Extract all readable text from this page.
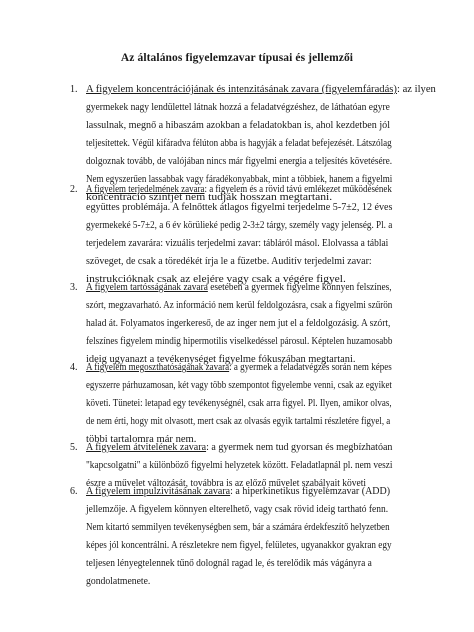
Az általános figyelemzavar típusai és jellemzői
1. A figyelem koncentrációjának és intenzitásának zavara (figyelemfáradás): az ilyen
gyermekek nagy lendülettel látnak hozzá a feladatvégzéshez, de láthatóan egyre
lassulnak, megnő a hibaszám azokban a feladatokban is, ahol kezdetben jól
teljesítettek. Végül kifáradva félúton abba is hagyják a feladat befejezését. Látszólag
dolgoznak tovább, de valójában nincs már figyelmi energia a teljesítés követésére.
Nem egyszerűen lassabbak vagy fáradékonyabbak, mint a többiek, hanem a figyelmi
koncentráció szintjét nem tudják hosszan megtartani.
2. A figyelem terjedelmének zavara: a figyelem és a rövid távú emlékezet működésének
együttes problémája. A felnőttek átlagos figyelmi terjedelme 5-7±2, 12 éves
gyermekeké 5-7±2, a 6 év körülieké pedig 2-3±2 tárgy, személy vagy jelenség. Pl. a
terjedelem zavarára: vizuális terjedelmi zavar: tábláról másol. Elolvassa a táblai
szöveget, de csak a töredékét írja le a füzetbe. Auditív terjedelmi zavar:
instrukcióknak csak az elejére vagy csak a végére figyel.
3. A figyelem tartósságának zavara esetében a gyermek figyelme könnyen felszínes,
szórt, megzavarható. Az információ nem kerül feldolgozásra, csak a figyelmi szűrön
halad át. Folyamatos ingerkereső, de az inger nem jut el a feldolgozásig. A szórt,
felszínes figyelem mindig hipermotilis viselkedéssel párosul. Képtelen huzamosabb
ideig ugyanazt a tevékenységet figyelme fókuszában megtartani.
4. A figyelem megoszthatóságának zavara: a gyermek a feladatvégzés során nem képes
egyszerre párhuzamosan, két vagy több szempontot figyelembe venni, csak az egyiket
követi. Tünetei: letapad egy tevékenységnél, csak arra figyel. Pl. Ilyen, amikor olvas,
de nem érti, hogy mit olvasott, mert csak az olvasás egyik tartalmi részletére figyel, a
többi tartalomra már nem.
5. A figyelem átvitelének zavara: a gyermek nem tud gyorsan és megbízhatóan
"kapcsolgatni" a különböző figyelmi helyzetek között. Feladatlapnál pl. nem veszi
észre a művelet változását, továbbra is az előző művelet szabályait követi
6. A figyelem impulzivitásának zavara: a hiperkinetikus figyelemzavar (ADD)
jellemzője. A figyelem könnyen elterelhető, vagy csak rövid ideig tartható fenn.
Nem kitartó semmilyen tevékenységben sem, bár a számára érdekfeszítő helyzetben
képes jól koncentrálni. A részletekre nem figyel, felületes, ugyanakkor gyakran egy
teljesen lényegtelennek tűnő dolognál ragad le, és terelődik más vágányra a
gondolatmenete.
